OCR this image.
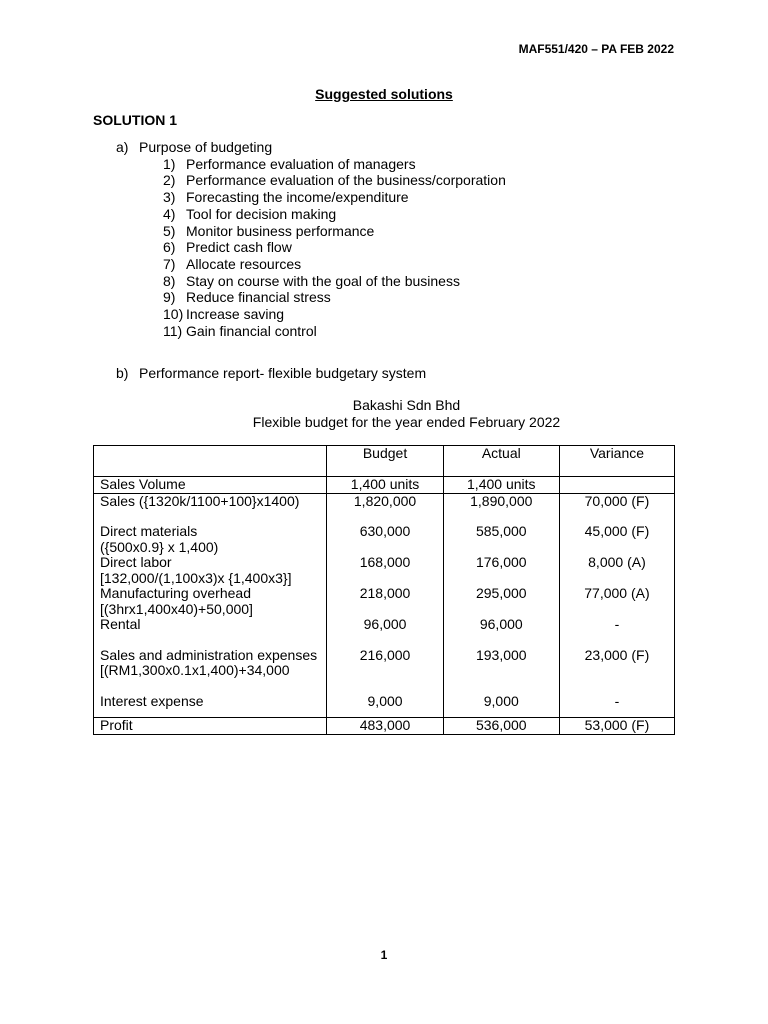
MAF551/420 – PA FEB 2022
Suggested solutions
SOLUTION 1
a) Purpose of budgeting
1) Performance evaluation of managers
2) Performance evaluation of the business/corporation
3) Forecasting the income/expenditure
4) Tool for decision making
5) Monitor business performance
6) Predict cash flow
7) Allocate resources
8) Stay on course with the goal of the business
9) Reduce financial stress
10) Increase saving
11) Gain financial control
b) Performance report- flexible budgetary system
Bakashi Sdn Bhd
Flexible budget for the year ended February 2022
	Budget	Actual	Variance
Sales Volume	1,400 units	1,400 units	
Sales ({1320k/1100+100}x1400)	1,820,000	1,890,000	70,000 (F)

Direct materials
({500x0.9} x 1,400)	630,000	585,000	45,000 (F)

Direct labor
[132,000/(1,100x3)x {1,400x3}]	168,000	176,000	8,000 (A)

Manufacturing overhead
[(3hrx1,400x40)+50,000]	218,000	295,000	77,000 (A)
Rental	96,000	96,000	-

Sales and administration expenses
[(RM1,300x0.1x1,400)+34,000	216,000	193,000	23,000 (F)

Interest expense	9,000	9,000	-

Profit	483,000	536,000	53,000 (F)
1
